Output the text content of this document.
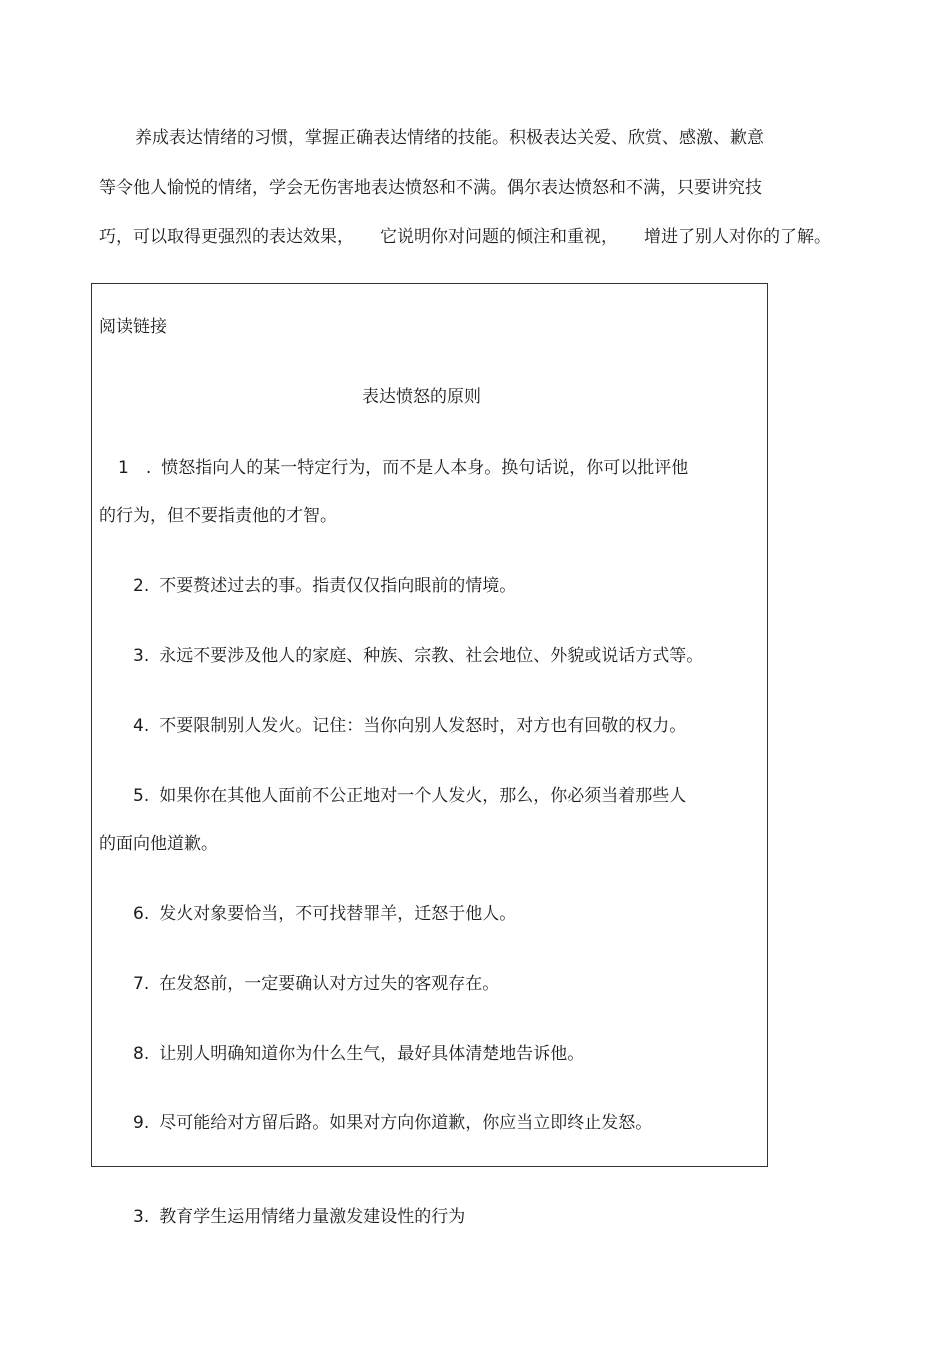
养成表达情绪的习惯，掌握正确表达情绪的技能。积极表达关爱、欣赏、感激、歉意
等令他人愉悦的情绪，学会无伤害地表达愤怒和不满。偶尔表达愤怒和不满，只要讲究技
巧，可以取得更强烈的表达效果， 它说明你对问题的倾注和重视， 增进了别人对你的了解。
阅读链接
表达愤怒的原则
1　. 愤怒指向人的某一特定行为，而不是人本身。换句话说，你可以批评他
的行为，但不要指责他的才智。
2. 不要赘述过去的事。指责仅仅指向眼前的情境。
3. 永远不要涉及他人的家庭、种族、宗教、社会地位、外貌或说话方式等。
4. 不要限制别人发火。记住：当你向别人发怒时，对方也有回敬的权力。
5. 如果你在其他人面前不公正地对一个人发火，那么，你必须当着那些人
的面向他道歉。
6. 发火对象要恰当，不可找替罪羊，迁怒于他人。
7. 在发怒前，一定要确认对方过失的客观存在。
8. 让别人明确知道你为什么生气，最好具体清楚地告诉他。
9. 尽可能给对方留后路。如果对方向你道歉，你应当立即终止发怒。
3. 教育学生运用情绪力量激发建设性的行为
